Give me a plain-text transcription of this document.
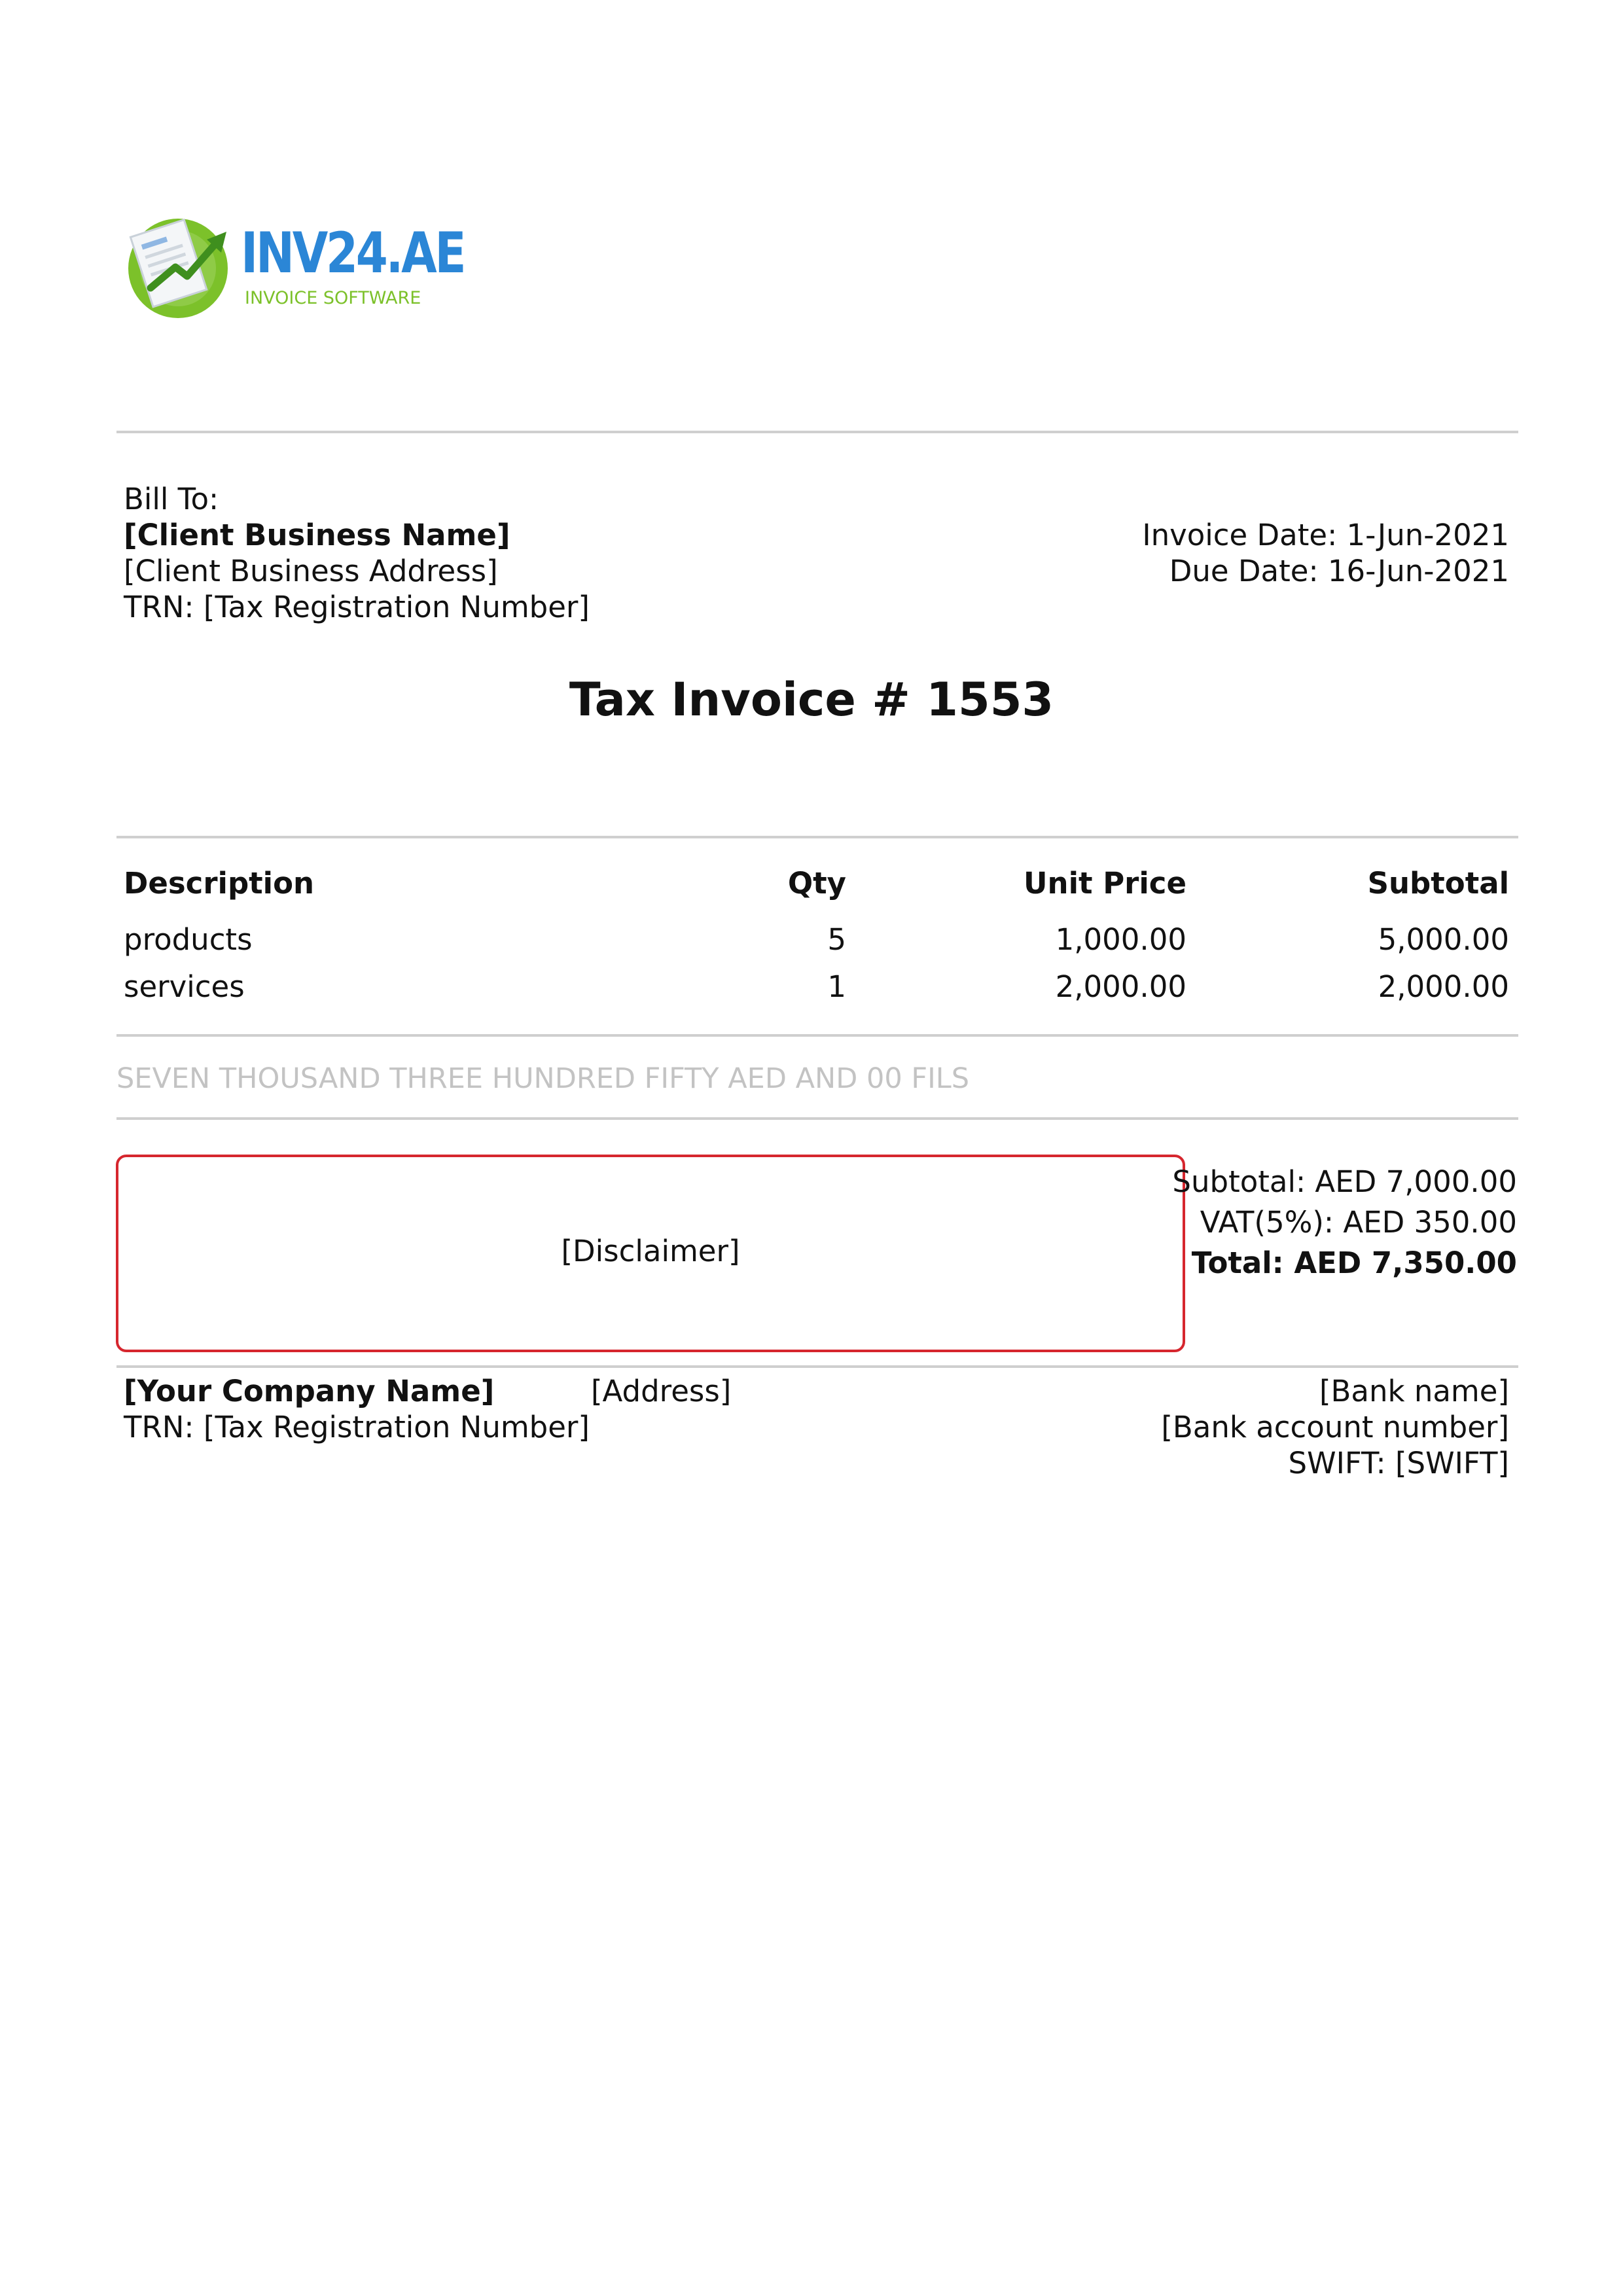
INV24.AE
INVOICE SOFTWARE
Bill To:
[Client Business Name]
[Client Business Address]
TRN: [Tax Registration Number]
Invoice Date: 1-Jun-2021
Due Date: 16-Jun-2021
Tax Invoice # 1553
Description	Qty	Unit Price	Subtotal
products	5	1,000.00	5,000.00
services	1	2,000.00	2,000.00
SEVEN THOUSAND THREE HUNDRED FIFTY AED AND 00 FILS
[Disclaimer]
Subtotal: AED 7,000.00
VAT(5%): AED 350.00
Total: AED 7,350.00
[Your Company Name]
TRN: [Tax Registration Number]
[Address]	[Bank name]
[Bank account number]
SWIFT: [SWIFT]
